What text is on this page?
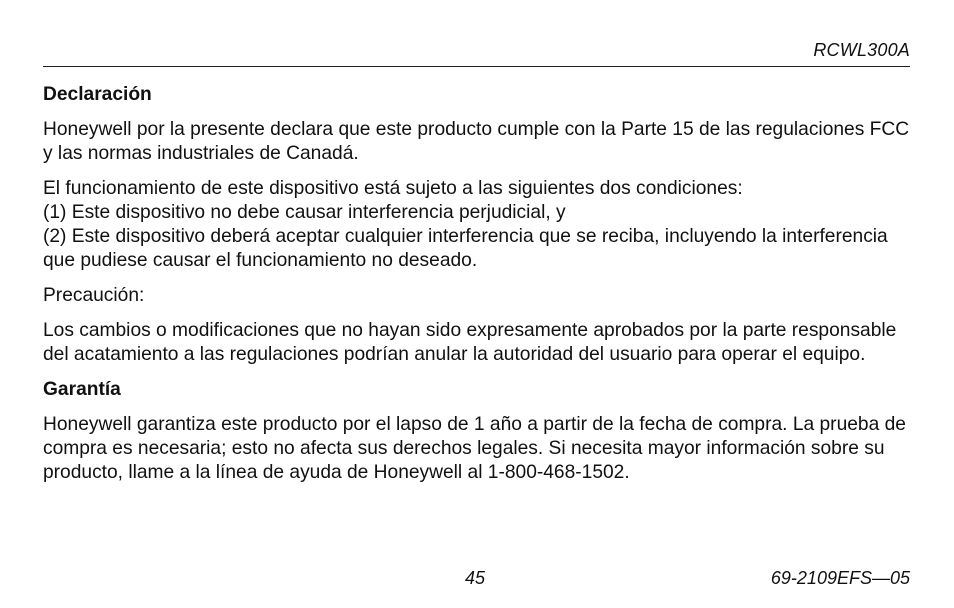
RCWL300A

Declaración

Honeywell por la presente declara que este producto cumple con la Parte 15 de las regulaciones FCC y las normas industriales de Canadá.

El funcionamiento de este dispositivo está sujeto a las siguientes dos condiciones:
(1) Este dispositivo no debe causar interferencia perjudicial, y
(2) Este dispositivo deberá aceptar cualquier interferencia que se reciba, incluyendo la interferencia que pudiese causar el funcionamiento no deseado.

Precaución:

Los cambios o modificaciones que no hayan sido expresamente aprobados por la parte responsable del acatamiento a las regulaciones podrían anular la autoridad del usuario para operar el equipo.

Garantía

Honeywell garantiza este producto por el lapso de 1 año a partir de la fecha de compra. La prueba de compra es necesaria; esto no afecta sus derechos legales. Si necesita mayor información sobre su producto, llame a la línea de ayuda de Honeywell al 1-800-468-1502.

45	69-2109EFS—05
